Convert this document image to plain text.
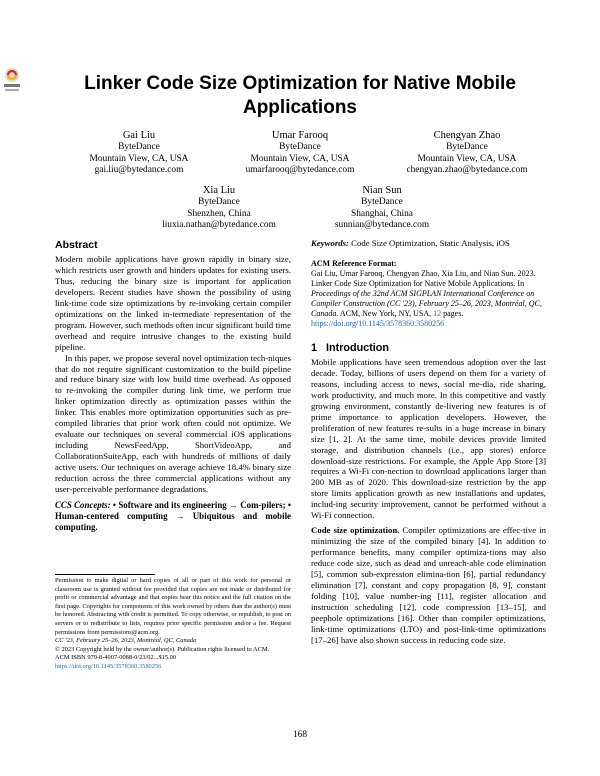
Linker Code Size Optimization for Native Mobile Applications
Gai Liu
ByteDance
Mountain View, CA, USA
gai.liu@bytedance.com
Umar Farooq
ByteDance
Mountain View, CA, USA
umarfarooq@bytedance.com
Chengyan Zhao
ByteDance
Mountain View, CA, USA
chengyan.zhao@bytedance.com
Xia Liu
ByteDance
Shenzhen, China
liuxia.nathan@bytedance.com
Nian Sun
ByteDance
Shanghai, China
sunnian@bytedance.com
Abstract

Modern mobile applications have grown rapidly in binary size, which restricts user growth and hinders updates for existing users. Thus, reducing the binary size is important for application developers. Recent studies have shown the possibility of using link-time code size optimizations by re-invoking certain compiler optimizations on the linked in-termediate representation of the program. However, such methods often incur significant build time overhead and require intrusive changes to the existing build pipeline.

In this paper, we propose several novel optimization tech-niques that do not require significant customization to the build pipeline and reduce binary size with low build time overhead. As opposed to re-invoking the compiler during link time, we perform true linker optimization directly as optimization passes within the linker. This enables more optimization opportunities such as pre-compiled libraries that prior work often could not optimize. We evaluate our techniques on several commercial iOS applications including NewsFeedApp, ShortVideoApp, and CollaborationSuiteApp, each with hundreds of millions of daily active users. Our techniques on average achieve 18.4% binary size reduction across the three commercial applications without any user-perceivable performance degradations.

CCS Concepts: • Software and its engineering → Com-pilers; • Human-centered computing → Ubiquitous and mobile computing.

Permission to make digital or hard copies of all or part of this work for personal or classroom use is granted without fee provided that copies are not made or distributed for profit or commercial advantage and that copies bear this notice and the full citation on the first page. Copyrights for components of this work owned by others than the author(s) must be honored. Abstracting with credit is permitted. To copy otherwise, or republish, to post on servers or to redistribute to lists, requires prior specific permission and/or a fee. Request permissions from permissions@acm.org.

CC '23, February 25–26, 2023, Montréal, QC, Canada

© 2023 Copyright held by the owner/author(s). Publication rights licensed to ACM.

ACM ISBN 979-8-4007-0088-0/23/02...$15.00

https://doi.org/10.1145/3578360.3580256

Keywords: Code Size Optimization, Static Analysis, iOS

ACM Reference Format:

Gai Liu, Umar Farooq, Chengyan Zhao, Xia Liu, and Nian Sun. 2023. Linker Code Size Optimization for Native Mobile Applications. In Proceedings of the 32nd ACM SIGPLAN International Conference on Compiler Construction (CC '23), February 25–26, 2023, Montréal, QC, Canada. ACM, New York, NY, USA, 12 pages. https://doi.org/10.1145/3578360.3580256

1 Introduction

Mobile applications have seen tremendous adoption over the last decade. Today, billions of users depend on them for a variety of reasons, including access to news, social me-dia, ride sharing, work productivity, and much more. In this competitive and vastly growing environment, constantly de-livering new features is of prime importance to application developers. However, the proliferation of new features re-sults in a huge increase in binary size [1, 2]. At the same time, mobile devices provide limited storage, and distribution channels (i.e., app stores) enforce download-size restrictions. For example, the Apple App Store [3] requires a Wi-Fi con-nection to download applications larger than 200 MB as of 2020. This download-size restriction by the app store limits application growth as new installations and updates, includ-ing security improvement, cannot be performed without a Wi-Fi connection.

Code size optimization. Compiler optimizations are effec-tive in minimizing the size of the compiled binary [4]. In addition to performance benefits, many compiler optimiza-tions may also reduce code size, such as dead and unreach-able code elimination [5], common sub-expression elimina-tion [6], partial redundancy elimination [7], constant and copy propagation [8, 9], constant folding [10], value number-ing [11], register allocation and instruction scheduling [12], code compression [13–15], and peephole optimizations [16]. Other than compiler optimizations, link-time optimizations (LTO) and post-link-time optimizations [17–26] have also shown success in reducing code size.

168
